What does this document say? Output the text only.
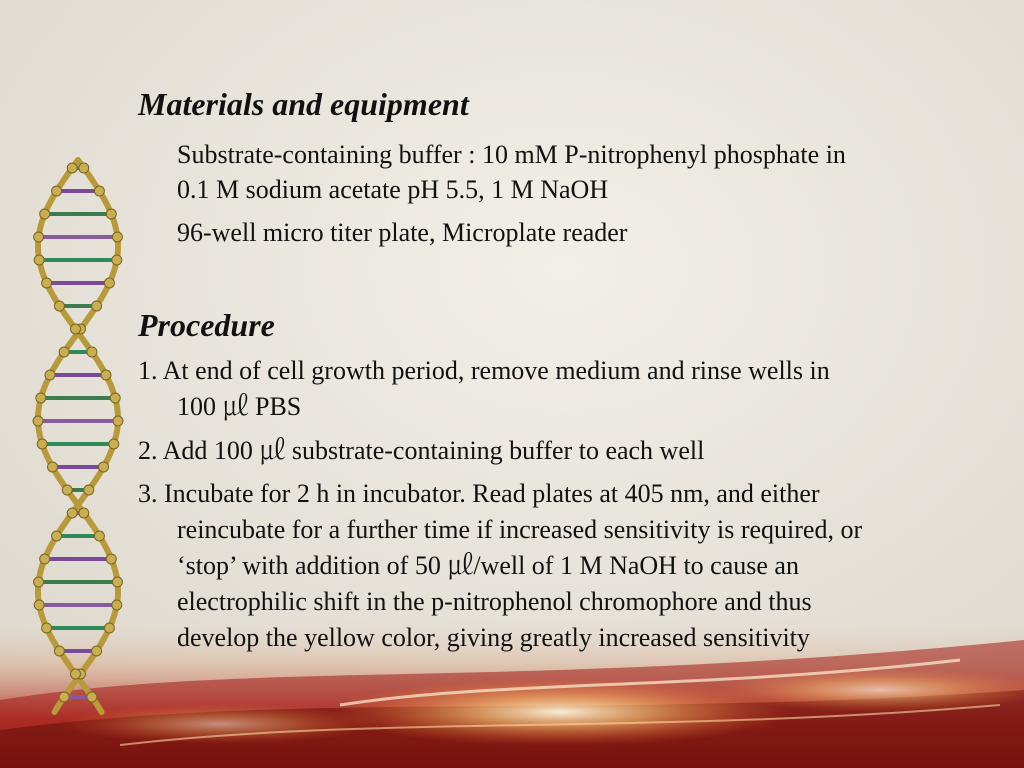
Materials and equipment
Substrate-containing buffer : 10 mM P-nitrophenyl phosphate in
0.1 M sodium acetate pH 5.5, 1 M NaOH
96-well micro titer plate, Microplate reader
Procedure
1. At end of cell growth period, remove medium and rinse wells in
100 ㎕ PBS
2. Add 100 ㎕ substrate-containing buffer to each well
3. Incubate for 2 h in incubator. Read plates at 405 nm, and either
reincubate for a further time if increased sensitivity is required, or
‘stop’ with addition of 50 ㎕/well of 1 M NaOH to cause an
electrophilic shift in the p-nitrophenol chromophore and thus
develop the yellow color, giving greatly increased sensitivity
